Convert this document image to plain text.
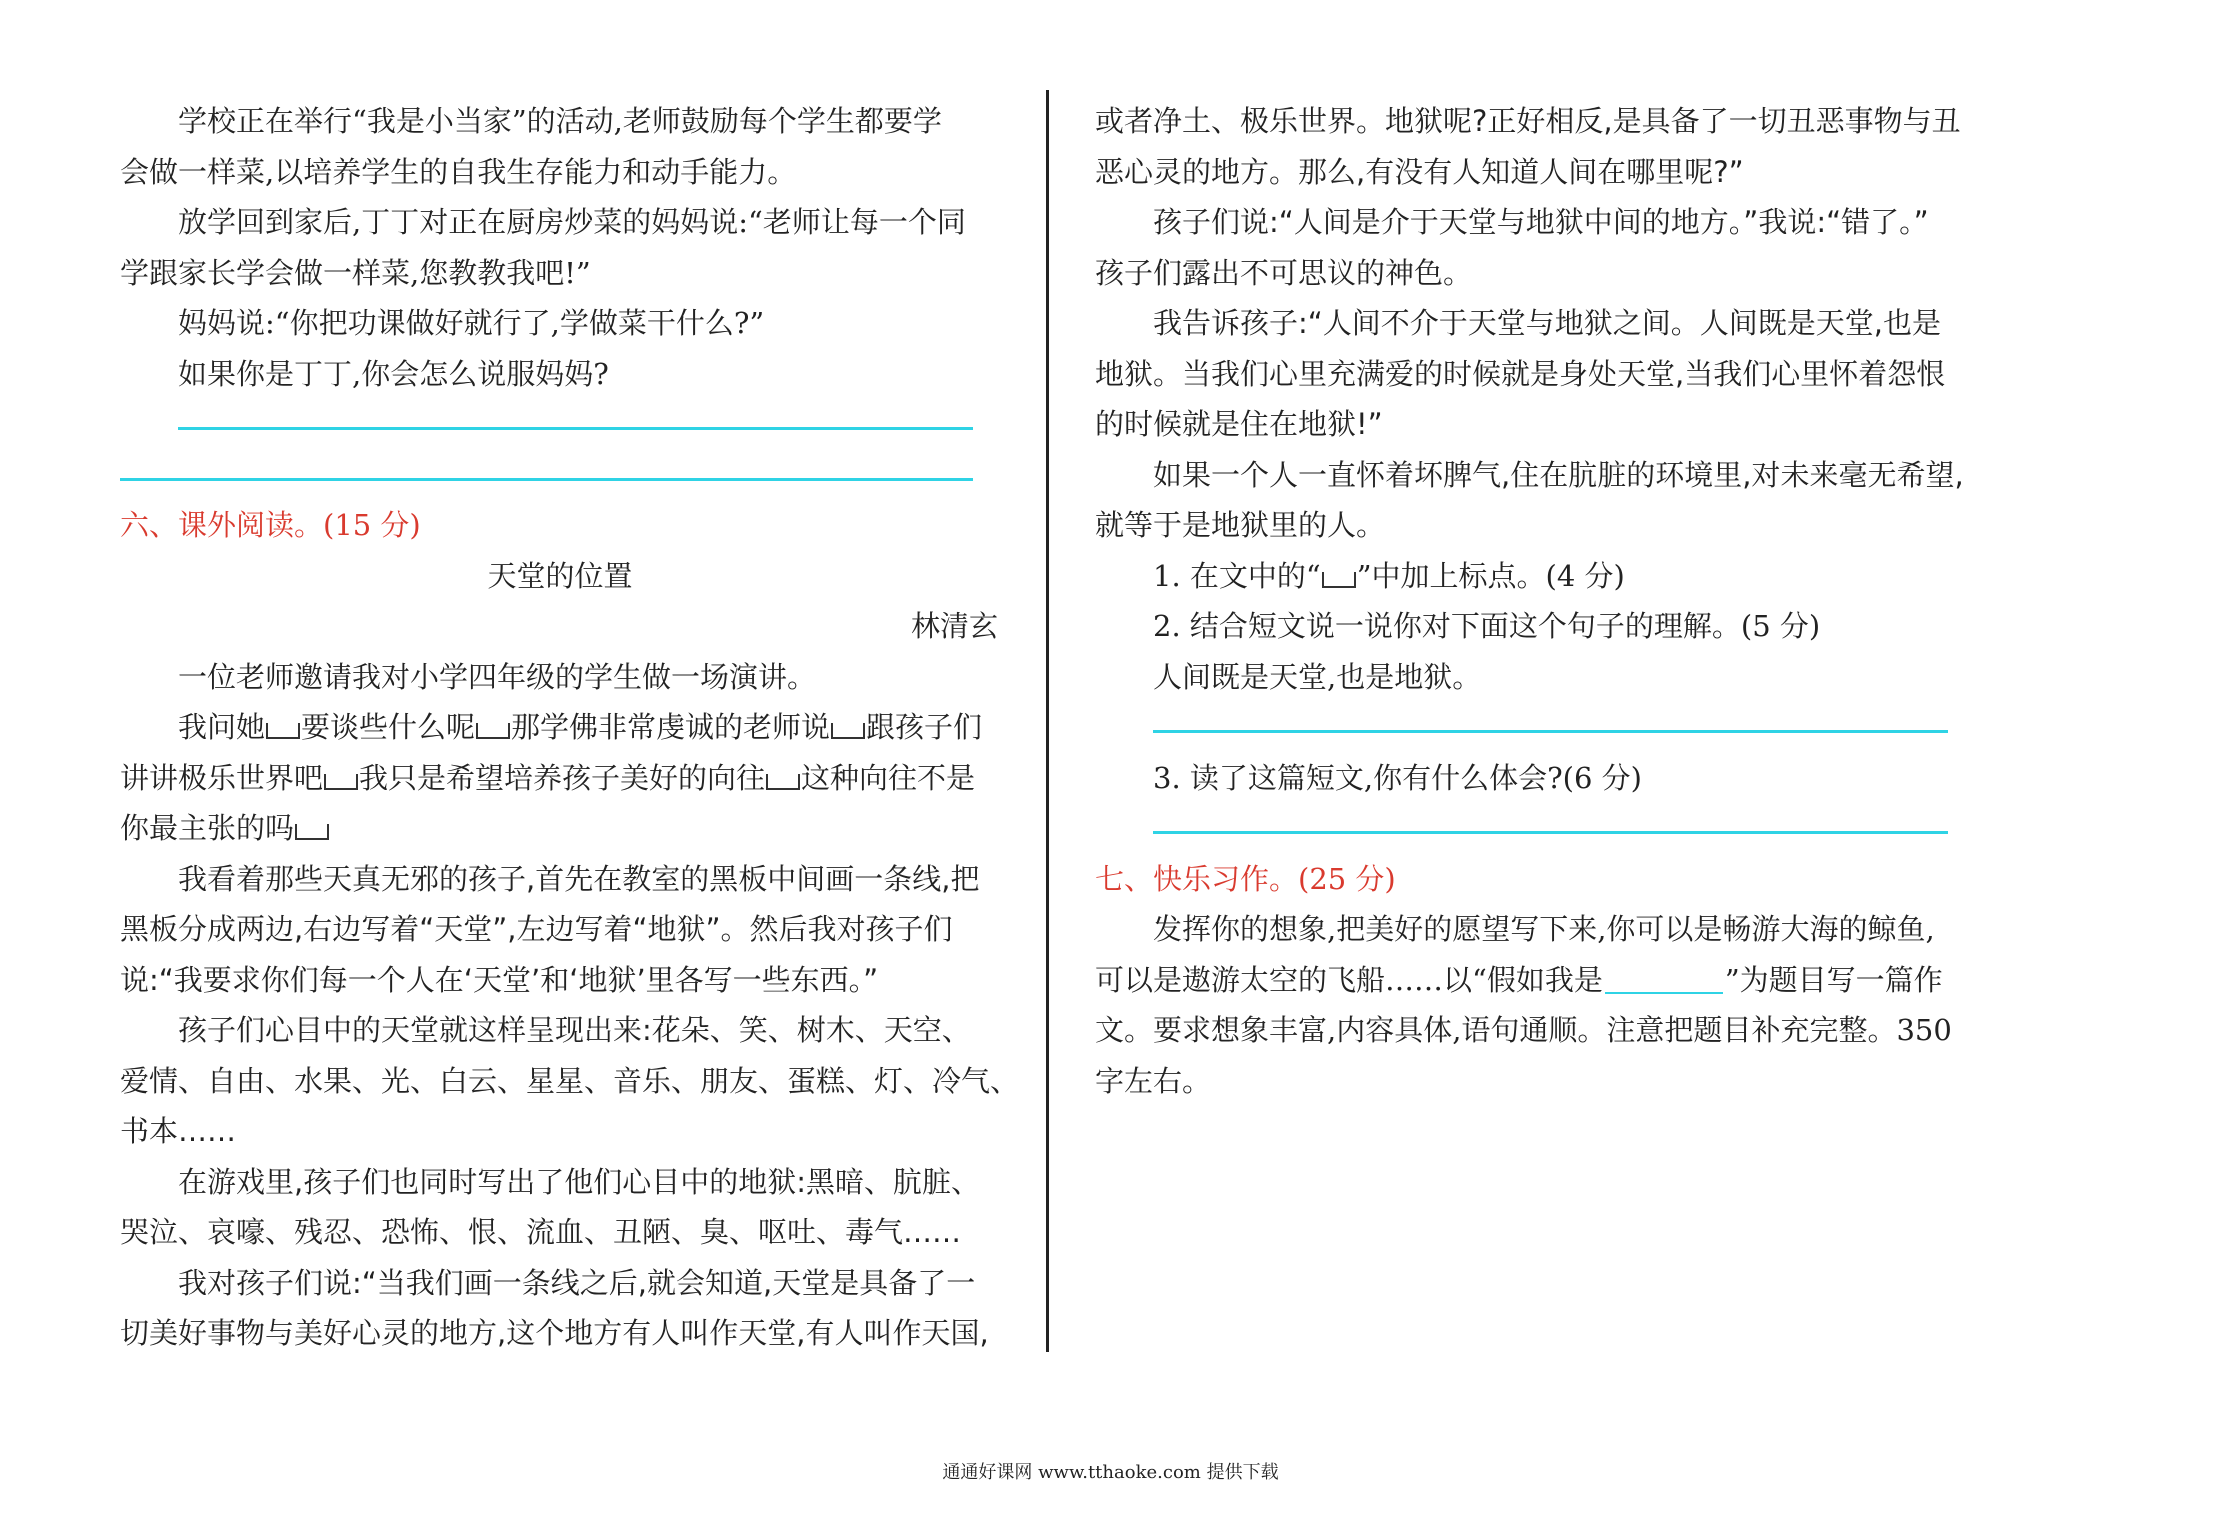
学校正在举行“我是小当家”的活动,老师鼓励每个学生都要学
会做一样菜,以培养学生的自我生存能力和动手能力。
放学回到家后,丁丁对正在厨房炒菜的妈妈说:“老师让每一个同
学跟家长学会做一样菜,您教教我吧!”
妈妈说:“你把功课做好就行了,学做菜干什么?”
如果你是丁丁,你会怎么说服妈妈?
六、课外阅读。(15 分)
天堂的位置
林清玄
一位老师邀请我对小学四年级的学生做一场演讲。
我问她 要谈些什么呢 那学佛非常虔诚的老师说 跟孩子们
讲讲极乐世界吧 我只是希望培养孩子美好的向往 这种向往不是
你最主张的吗
我看着那些天真无邪的孩子,首先在教室的黑板中间画一条线,把
黑板分成两边,右边写着“天堂”,左边写着“地狱”。然后我对孩子们
说:“我要求你们每一个人在‘天堂’和‘地狱’里各写一些东西。”
孩子们心目中的天堂就这样呈现出来:花朵、笑、树木、天空、
爱情、自由、水果、光、白云、星星、音乐、朋友、蛋糕、灯、冷气、
书本……
在游戏里,孩子们也同时写出了他们心目中的地狱:黑暗、肮脏、
哭泣、哀嚎、残忍、恐怖、恨、流血、丑陋、臭、呕吐、毒气……
我对孩子们说:“当我们画一条线之后,就会知道,天堂是具备了一
切美好事物与美好心灵的地方,这个地方有人叫作天堂,有人叫作天国,
或者净土、极乐世界。地狱呢?正好相反,是具备了一切丑恶事物与丑
恶心灵的地方。那么,有没有人知道人间在哪里呢?”
孩子们说:“人间是介于天堂与地狱中间的地方。”我说:“错了。”
孩子们露出不可思议的神色。
我告诉孩子:“人间不介于天堂与地狱之间。人间既是天堂,也是
地狱。当我们心里充满爱的时候就是身处天堂,当我们心里怀着怨恨
的时候就是住在地狱!”
如果一个人一直怀着坏脾气,住在肮脏的环境里,对未来毫无希望,
就等于是地狱里的人。
1. 在文中的“ ”中加上标点。(4 分)
2. 结合短文说一说你对下面这个句子的理解。(5 分)
人间既是天堂,也是地狱。
3. 读了这篇短文,你有什么体会?(6 分)
七、快乐习作。(25 分)
发挥你的想象,把美好的愿望写下来,你可以是畅游大海的鲸鱼,
可以是遨游太空的飞船……以“假如我是	”为题目写一篇作
文。要求想象丰富,内容具体,语句通顺。注意把题目补充完整。350
字左右。
通通好课网 www.tthaoke.com 提供下载
